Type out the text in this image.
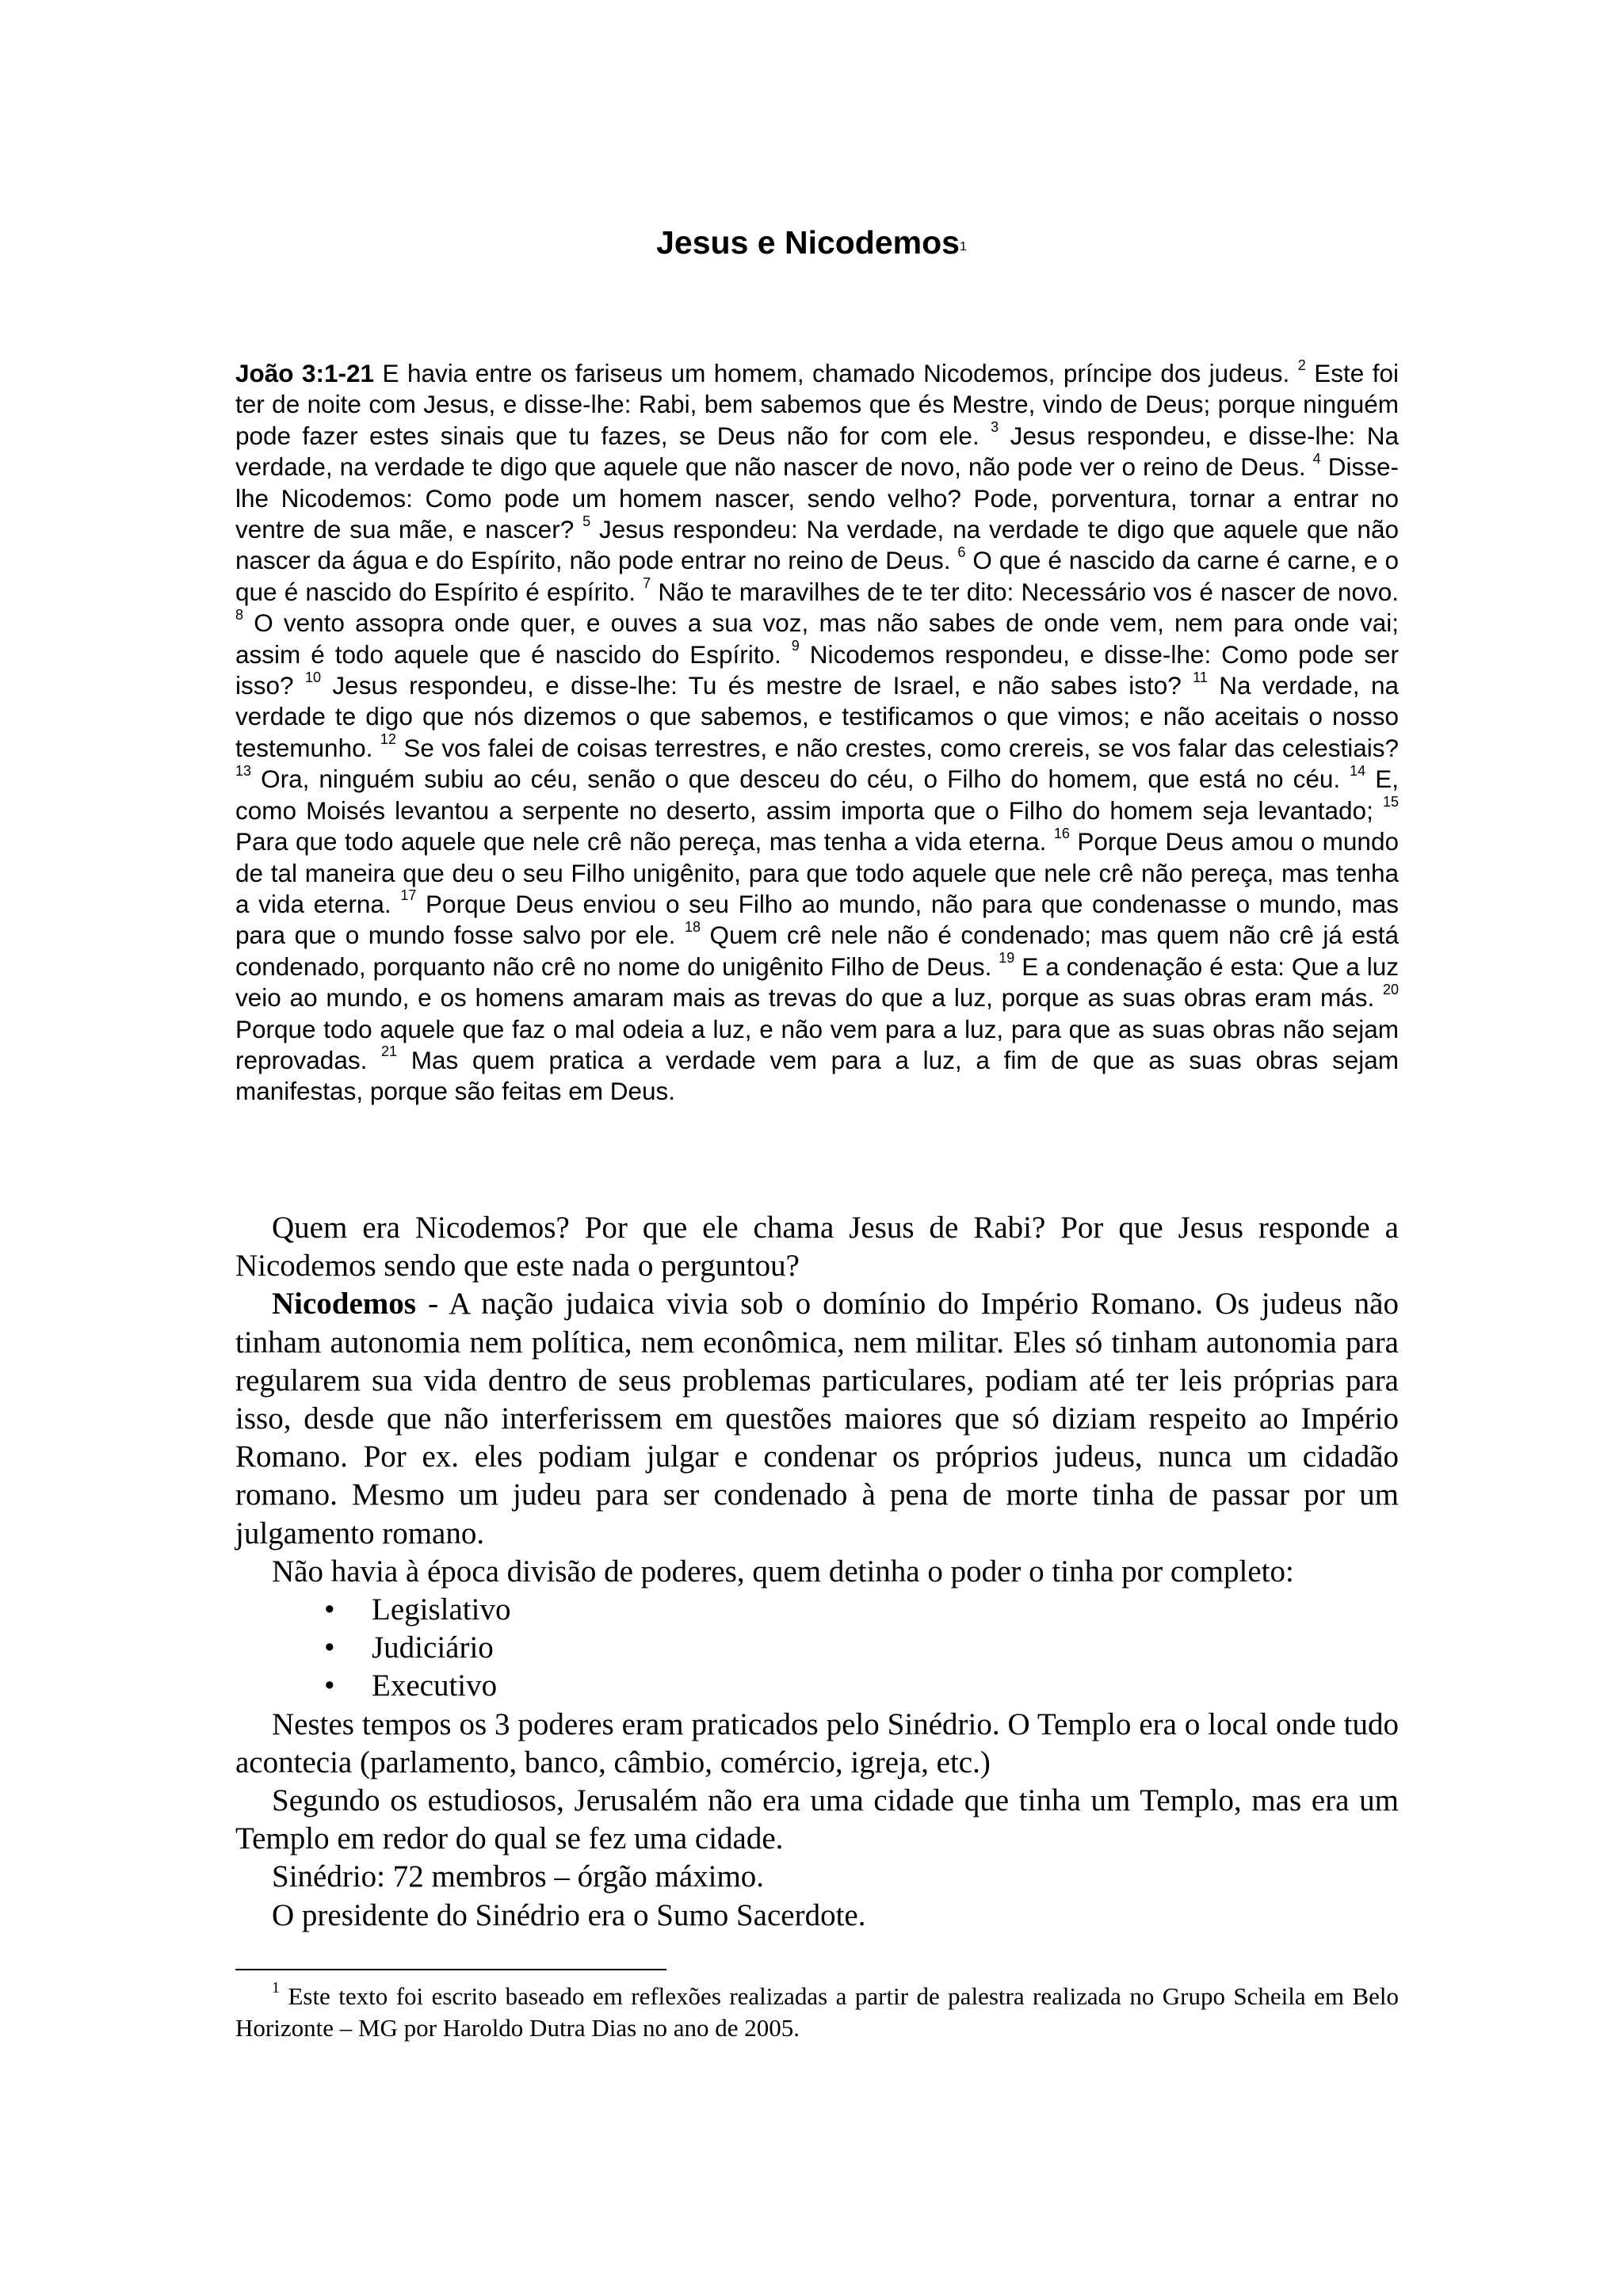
Jesus e Nicodemos$^1$
João 3:1-21 E havia entre os fariseus um homem, chamado Nicodemos, príncipe dos judeus. $^2$ Este foi ter de noite com Jesus, e disse-lhe: Rabi, bem sabemos que és Mestre, vindo de Deus; porque ninguém pode fazer estes sinais que tu fazes, se Deus não for com ele. $^3$ Jesus respondeu, e disse-lhe: Na verdade, na verdade te digo que aquele que não nascer de novo, não pode ver o reino de Deus. $^4$ Disse-lhe Nicodemos: Como pode um homem nascer, sendo velho? Pode, porventura, tornar a entrar no ventre de sua mãe, e nascer? $^5$ Jesus respondeu: Na verdade, na verdade te digo que aquele que não nascer da água e do Espírito, não pode entrar no reino de Deus. $^6$ O que é nascido da carne é carne, e o que é nascido do Espírito é espírito. $^7$ Não te maravilhes de te ter dito: Necessário vos é nascer de novo. $^8$ O vento assopra onde quer, e ouves a sua voz, mas não sabes de onde vem, nem para onde vai; assim é todo aquele que é nascido do Espírito. $^9$ Nicodemos respondeu, e disse-lhe: Como pode ser isso? $^{10}$ Jesus respondeu, e disse-lhe: Tu és mestre de Israel, e não sabes isto? $^{11}$ Na verdade, na verdade te digo que nós dizemos o que sabemos, e testificamos o que vimos; e não aceitais o nosso testemunho. $^{12}$ Se vos falei de coisas terrestres, e não crestes, como crereis, se vos falar das celestiais? $^{13}$ Ora, ninguém subiu ao céu, senão o que desceu do céu, o Filho do homem, que está no céu. $^{14}$ E, como Moisés levantou a serpente no deserto, assim importa que o Filho do homem seja levantado; $^{15}$ Para que todo aquele que nele crê não pereça, mas tenha a vida eterna. $^{16}$ Porque Deus amou o mundo de tal maneira que deu o seu Filho unigênito, para que todo aquele que nele crê não pereça, mas tenha a vida eterna. $^{17}$ Porque Deus enviou o seu Filho ao mundo, não para que condenasse o mundo, mas para que o mundo fosse salvo por ele. $^{18}$ Quem crê nele não é condenado; mas quem não crê já está condenado, porquanto não crê no nome do unigênito Filho de Deus. $^{19}$ E a condenação é esta: Que a luz veio ao mundo, e os homens amaram mais as trevas do que a luz, porque as suas obras eram más. $^{20}$ Porque todo aquele que faz o mal odeia a luz, e não vem para a luz, para que as suas obras não sejam reprovadas. $^{21}$ Mas quem pratica a verdade vem para a luz, a fim de que as suas obras sejam manifestas, porque são feitas em Deus.

Quem era Nicodemos? Por que ele chama Jesus de Rabi? Por que Jesus responde a Nicodemos sendo que este nada o perguntou?

Nicodemos - A nação judaica vivia sob o domínio do Império Romano. Os judeus não tinham autonomia nem política, nem econômica, nem militar. Eles só tinham autonomia para regularem sua vida dentro de seus problemas particulares, podiam até ter leis próprias para isso, desde que não interferissem em questões maiores que só diziam respeito ao Império Romano. Por ex. eles podiam julgar e condenar os próprios judeus, nunca um cidadão romano. Mesmo um judeu para ser condenado à pena de morte tinha de passar por um julgamento romano.

Não havia à época divisão de poderes, quem detinha o poder o tinha por completo:

• Legislativo
• Judiciário
• Executivo

Nestes tempos os 3 poderes eram praticados pelo Sinédrio. O Templo era o local onde tudo acontecia (parlamento, banco, câmbio, comércio, igreja, etc.)

Segundo os estudiosos, Jerusalém não era uma cidade que tinha um Templo, mas era um Templo em redor do qual se fez uma cidade.

Sinédrio: 72 membros – órgão máximo.

O presidente do Sinédrio era o Sumo Sacerdote.

$^1$ Este texto foi escrito baseado em reflexões realizadas a partir de palestra realizada no Grupo Scheila em Belo Horizonte – MG por Haroldo Dutra Dias no ano de 2005.
